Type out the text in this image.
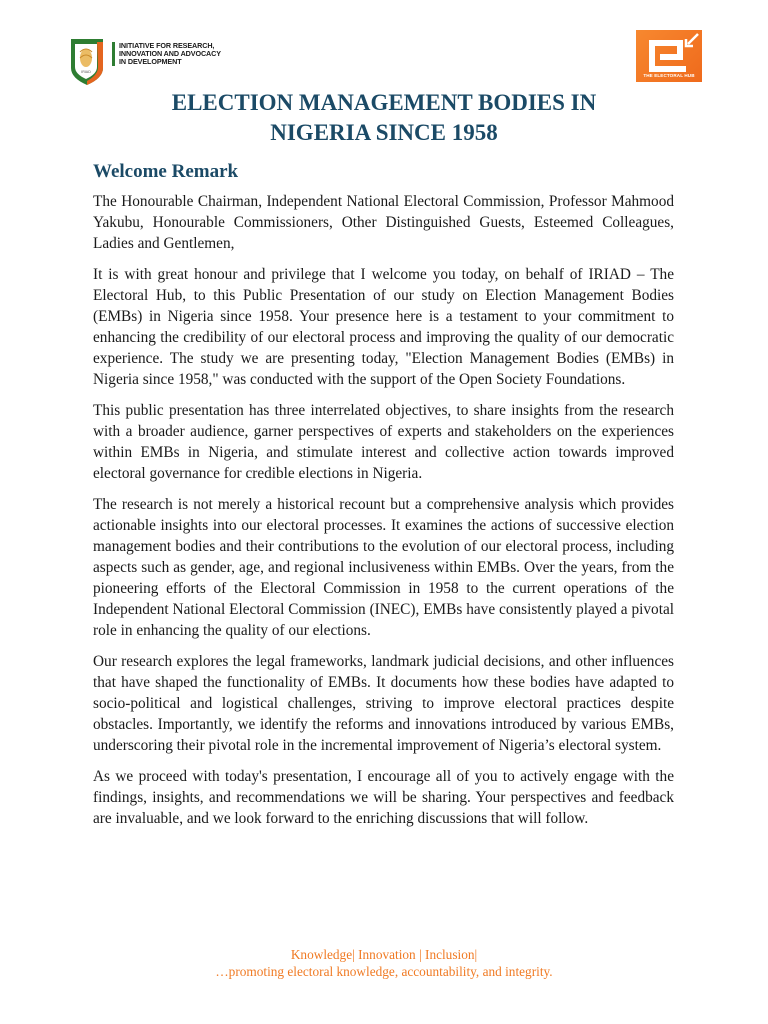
IRIAD
INITIATIVE FOR RESEARCH,
INNOVATION AND ADVOCACY
IN DEVELOPMENT
THE ELECTORAL HUB
ELECTION MANAGEMENT BODIES IN
NIGERIA SINCE 1958
Welcome Remark

The Honourable Chairman, Independent National Electoral Commission, Professor Mahmood Yakubu, Honourable Commissioners, Other Distinguished Guests, Esteemed Colleagues, Ladies and Gentlemen,

It is with great honour and privilege that I welcome you today, on behalf of IRIAD – The Electoral Hub, to this Public Presentation of our study on Election Management Bodies (EMBs) in Nigeria since 1958. Your presence here is a testament to your commitment to enhancing the credibility of our electoral process and improving the quality of our democratic experience. The study we are presenting today, "Election Management Bodies (EMBs) in Nigeria since 1958," was conducted with the support of the Open Society Foundations.

This public presentation has three interrelated objectives, to share insights from the research with a broader audience, garner perspectives of experts and stakeholders on the experiences within EMBs in Nigeria, and stimulate interest and collective action towards improved electoral governance for credible elections in Nigeria.

The research is not merely a historical recount but a comprehensive analysis which provides actionable insights into our electoral processes. It examines the actions of successive election management bodies and their contributions to the evolution of our electoral process, including aspects such as gender, age, and regional inclusiveness within EMBs. Over the years, from the pioneering efforts of the Electoral Commission in 1958 to the current operations of the Independent National Electoral Commission (INEC), EMBs have consistently played a pivotal role in enhancing the quality of our elections.

Our research explores the legal frameworks, landmark judicial decisions, and other influences that have shaped the functionality of EMBs. It documents how these bodies have adapted to socio-political and logistical challenges, striving to improve electoral practices despite obstacles. Importantly, we identify the reforms and innovations introduced by various EMBs, underscoring their pivotal role in the incremental improvement of Nigeria’s electoral system.

As we proceed with today's presentation, I encourage all of you to actively engage with the findings, insights, and recommendations we will be sharing. Your perspectives and feedback are invaluable, and we look forward to the enriching discussions that will follow.

Knowledge| Innovation | Inclusion|
…promoting electoral knowledge, accountability, and integrity.
